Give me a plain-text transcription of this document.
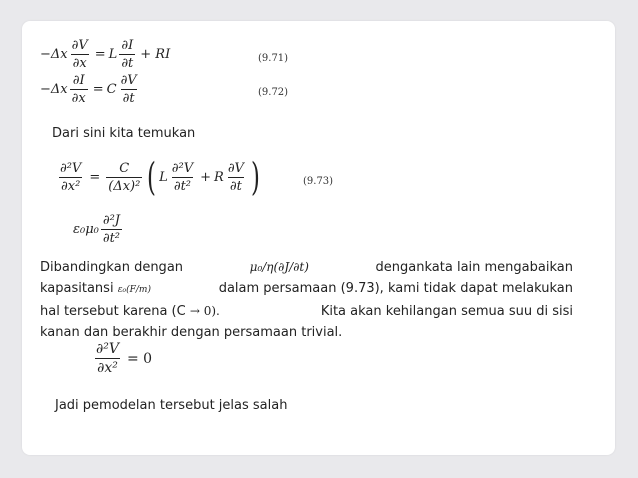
− Δx $\frac{\partial V}{\partial x} = L \frac{\partial I}{\partial t}$ + RI	(9.71)
− Δx $\frac{\partial I}{\partial x} = C \frac{\partial V}{\partial t}$	(9.72)
Dari sini kita temukan
$\frac{\text{∂²V}}{\text{∂x²}} = \frac{C}{\text{(Δx)²}}$ ( L $\frac{\text{∂²V}}{\text{∂t²}} + R \frac{\partial V}{\partial t}$ )	(9.73)
$\varepsilon_0\mu_0 \frac{\text{∂²J}}{\text{∂t²}}$
Dibandingkan dengan	μ₀/η(∂J/∂t)	dengankata lain mengabaikan
kapasitansi ε₀(F/m)	dalam persamaan (9.73), kami tidak dapat melakukan
hal tersebut karena (C → 0).	Kita akan kehilangan semua suu di sisi
kanan dan berakhir dengan persamaan trivial.
$\frac{\text{∂²V}}{\text{∂x²}} = 0$
Jadi pemodelan tersebut jelas salah
